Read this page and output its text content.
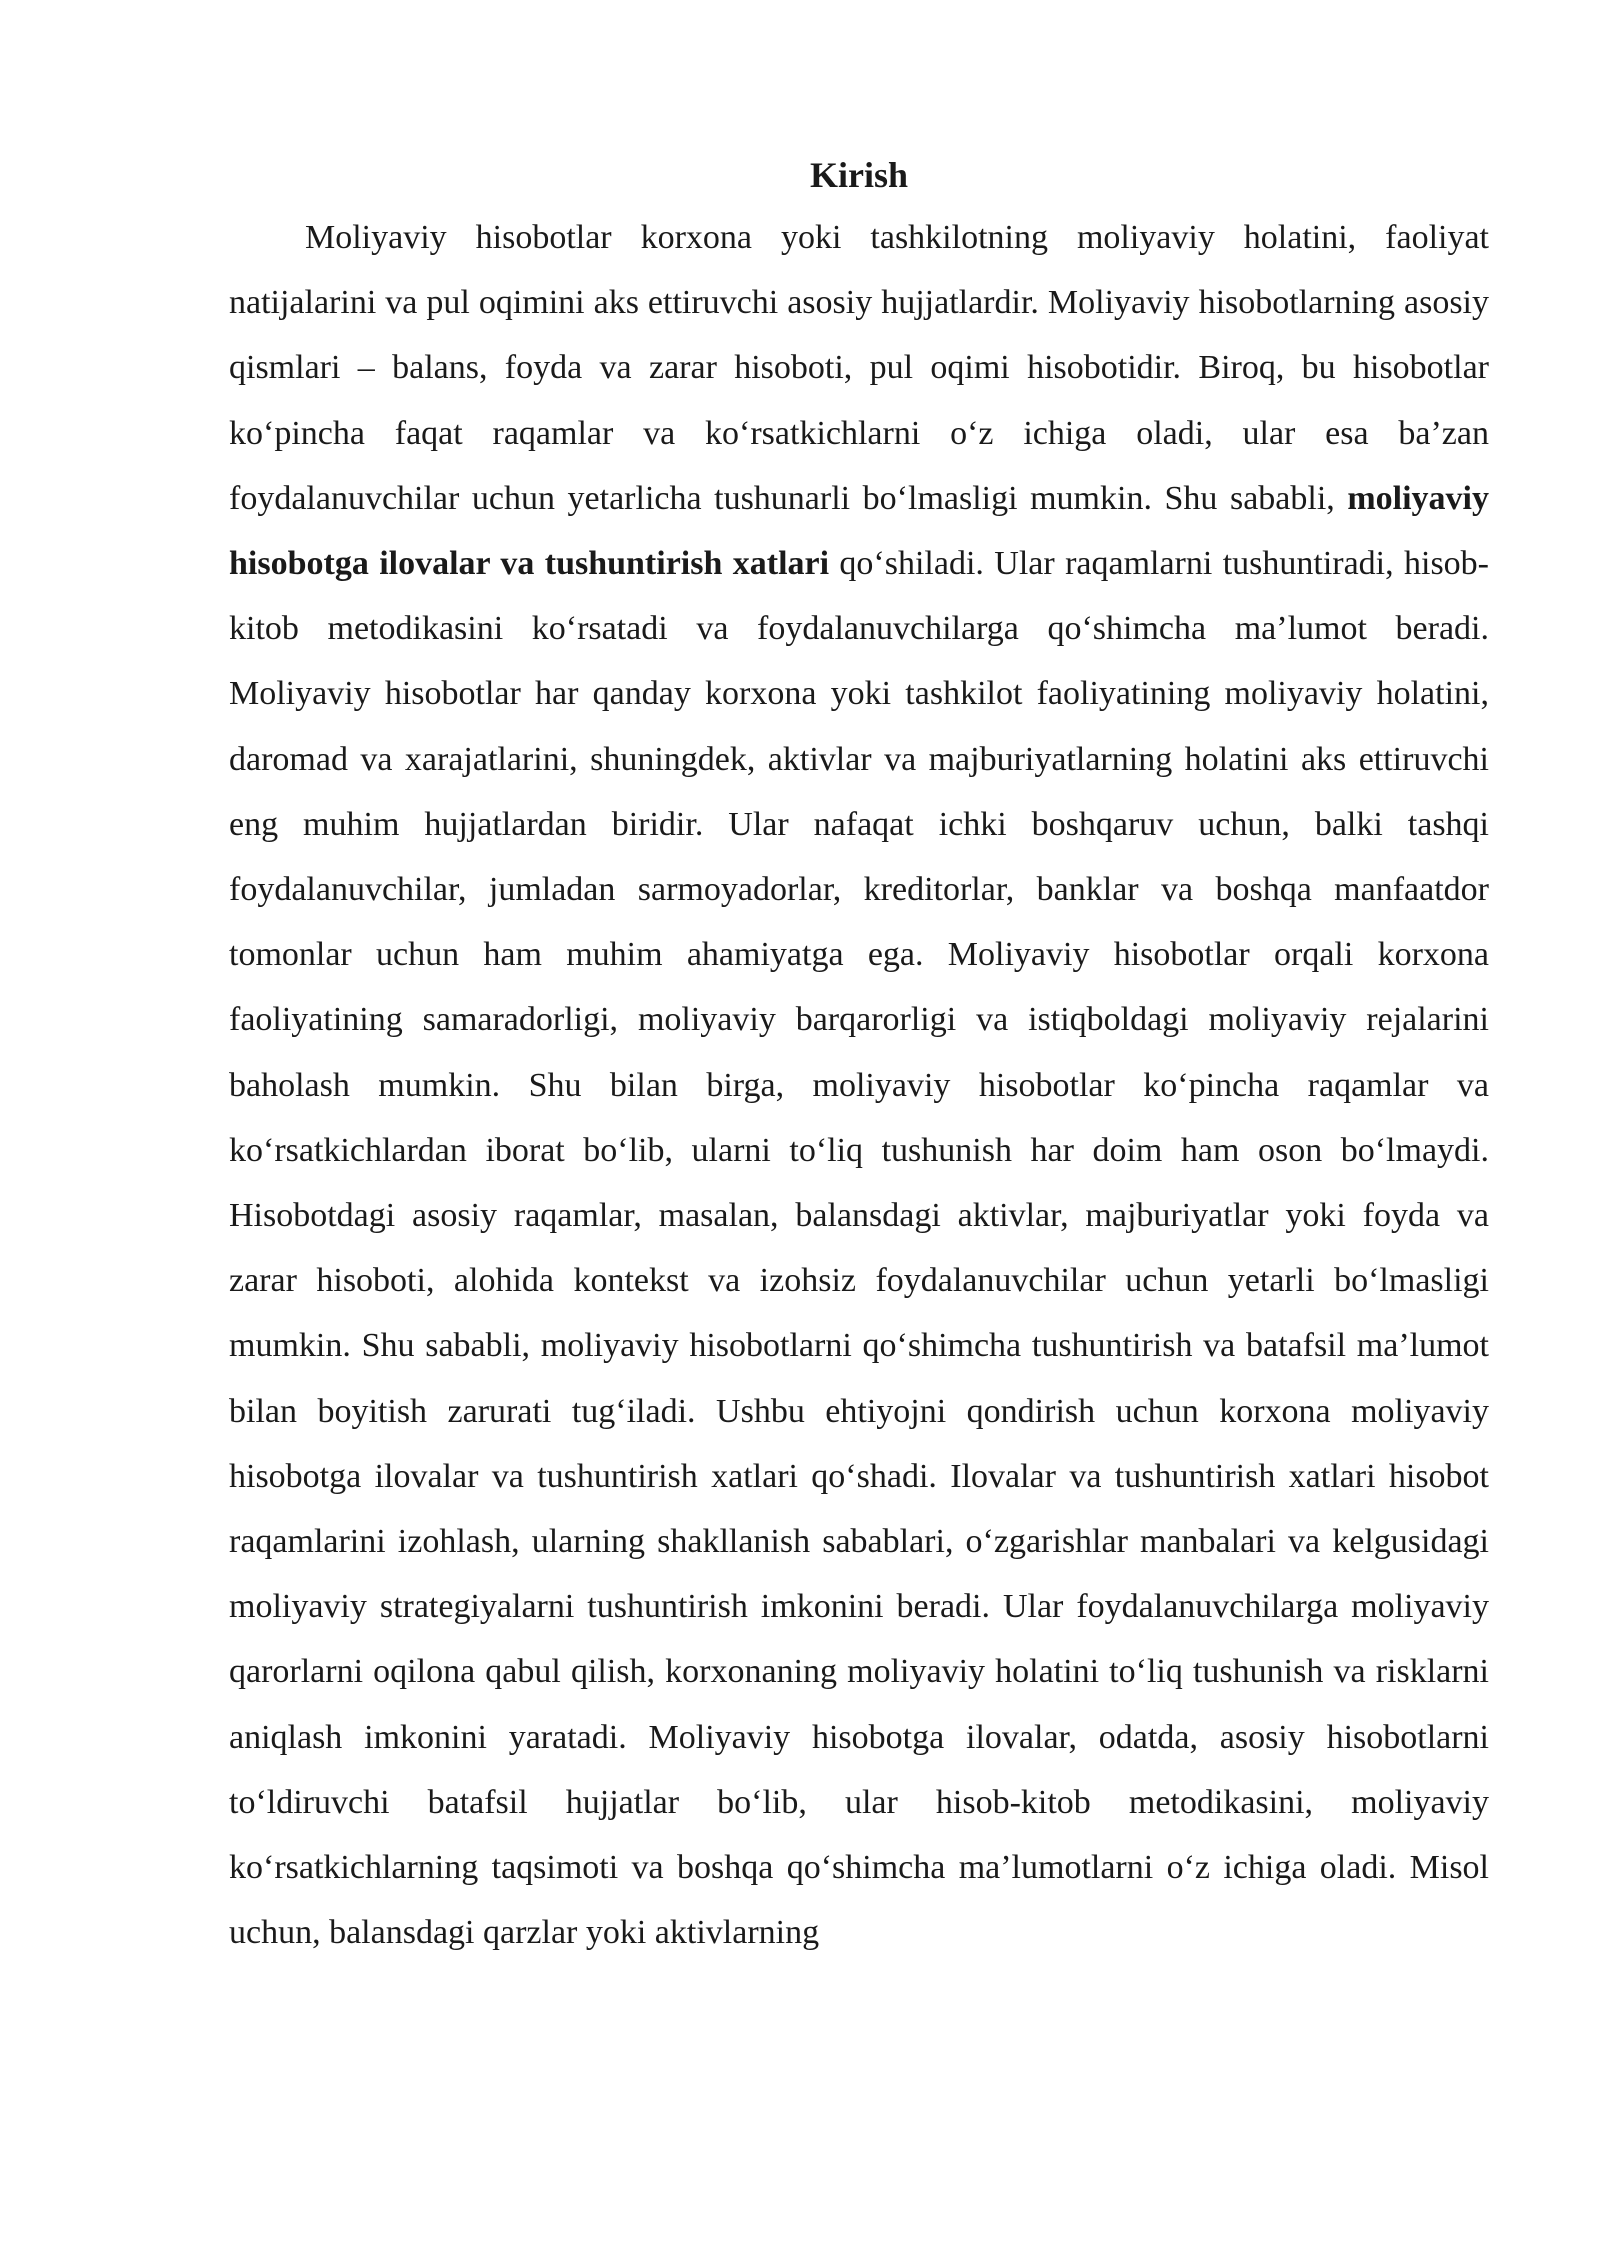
Kirish

Moliyaviy hisobotlar korxona yoki tashkilotning moliyaviy holatini, faoliyat natijalarini va pul oqimini aks ettiruvchi asosiy hujjatlardir. Moliyaviy hisobotlarning asosiy qismlari – balans, foyda va zarar hisoboti, pul oqimi hisobotidir. Biroq, bu hisobotlar ko‘pincha faqat raqamlar va ko‘rsatkichlarni o‘z ichiga oladi, ular esa ba’zan foydalanuvchilar uchun yetarlicha tushunarli bo‘lmasligi mumkin. Shu sababli, moliyaviy hisobotga ilovalar va tushuntirish xatlari qo‘shiladi. Ular raqamlarni tushuntiradi, hisob-kitob metodikasini ko‘rsatadi va foydalanuvchilarga qo‘shimcha ma’lumot beradi. Moliyaviy hisobotlar har qanday korxona yoki tashkilot faoliyatining moliyaviy holatini, daromad va xarajatlarini, shuningdek, aktivlar va majburiyatlarning holatini aks ettiruvchi eng muhim hujjatlardan biridir. Ular nafaqat ichki boshqaruv uchun, balki tashqi foydalanuvchilar, jumladan sarmoyadorlar, kreditorlar, banklar va boshqa manfaatdor tomonlar uchun ham muhim ahamiyatga ega. Moliyaviy hisobotlar orqali korxona faoliyatining samaradorligi, moliyaviy barqarorligi va istiqboldagi moliyaviy rejalarini baholash mumkin. Shu bilan birga, moliyaviy hisobotlar ko‘pincha raqamlar va ko‘rsatkichlardan iborat bo‘lib, ularni to‘liq tushunish har doim ham oson bo‘lmaydi. Hisobotdagi asosiy raqamlar, masalan, balansdagi aktivlar, majburiyatlar yoki foyda va zarar hisoboti, alohida kontekst va izohsiz foydalanuvchilar uchun yetarli bo‘lmasligi mumkin. Shu sababli, moliyaviy hisobotlarni qo‘shimcha tushuntirish va batafsil ma’lumot bilan boyitish zarurati tug‘iladi. Ushbu ehtiyojni qondirish uchun korxona moliyaviy hisobotga ilovalar va tushuntirish xatlari qo‘shadi. Ilovalar va tushuntirish xatlari hisobot raqamlarini izohlash, ularning shakllanish sabablari, o‘zgarishlar manbalari va kelgusidagi moliyaviy strategiyalarni tushuntirish imkonini beradi. Ular foydalanuvchilarga moliyaviy qarorlarni oqilona qabul qilish, korxonaning moliyaviy holatini to‘liq tushunish va risklarni aniqlash imkonini yaratadi. Moliyaviy hisobotga ilovalar, odatda, asosiy hisobotlarni to‘ldiruvchi batafsil hujjatlar bo‘lib, ular hisob-kitob metodikasini, moliyaviy ko‘rsatkichlarning taqsimoti va boshqa qo‘shimcha ma’lumotlarni o‘z ichiga oladi. Misol uchun, balansdagi qarzlar yoki aktivlarning
